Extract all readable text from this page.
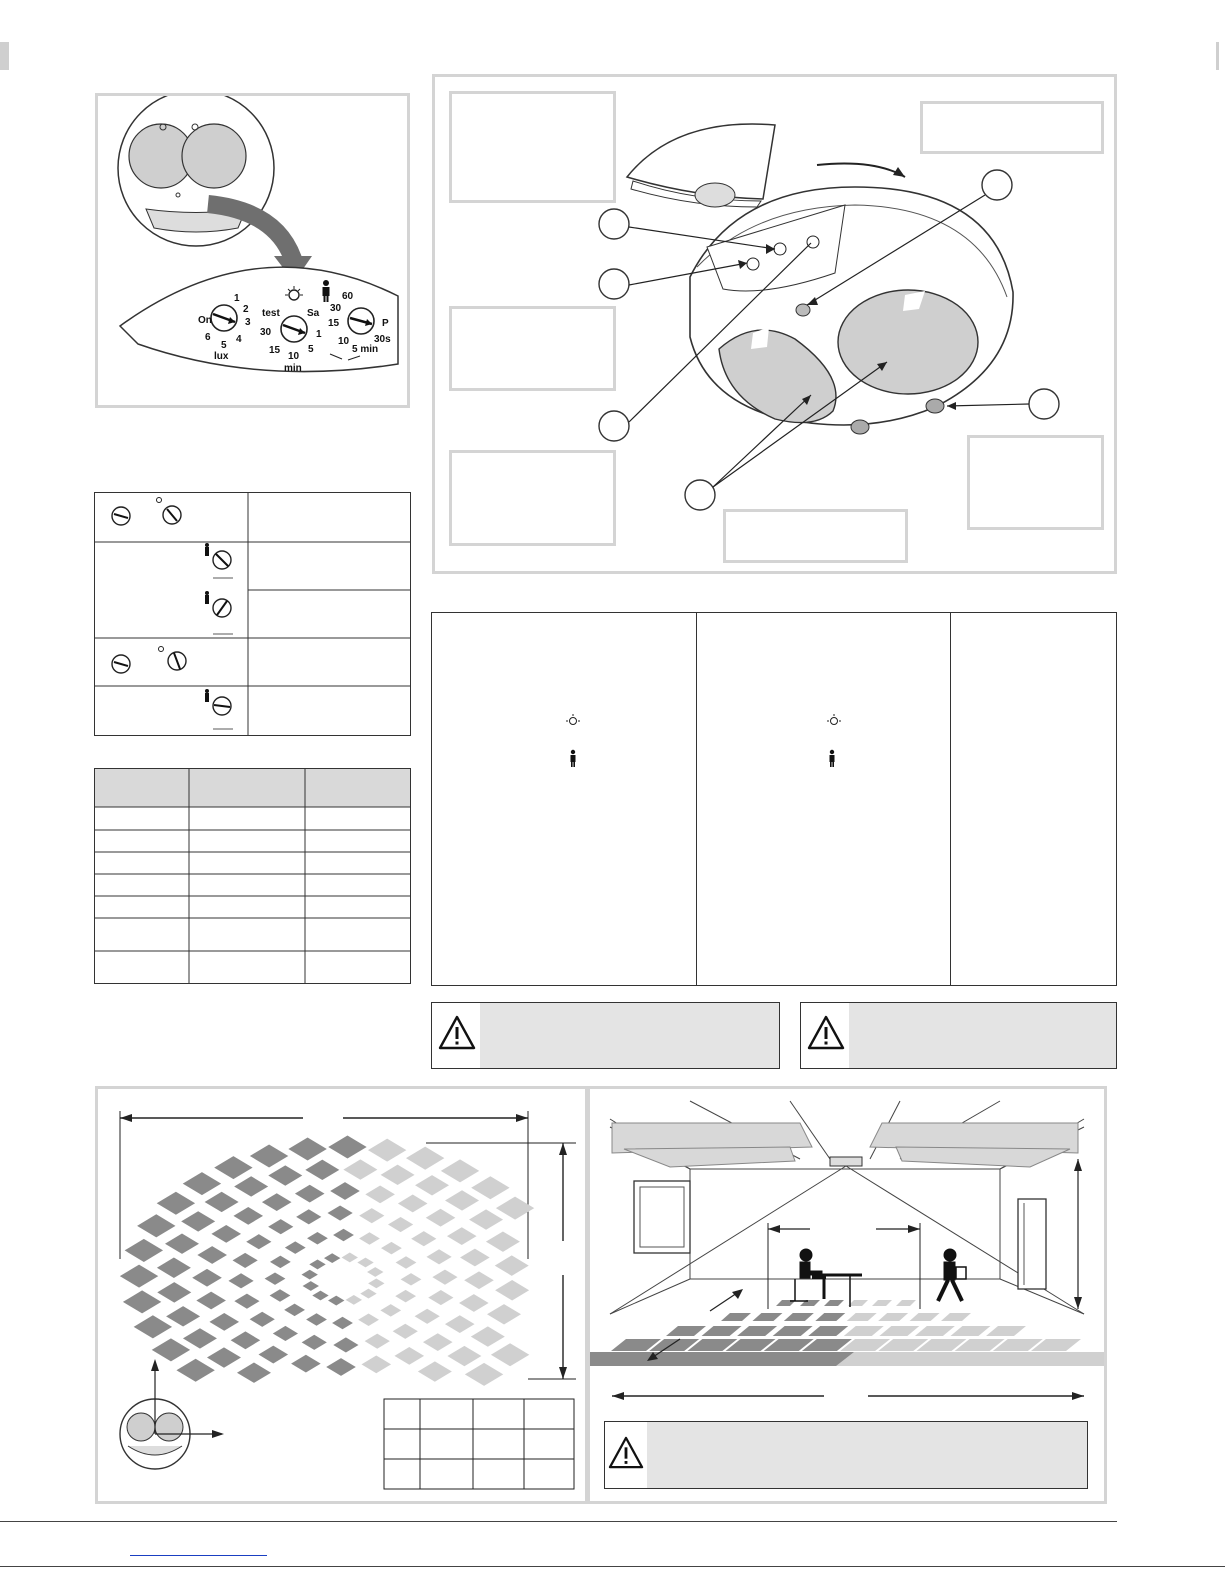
On
1
2
3
4
5
6
lux
test	Sa
1
5
10
15
30
min
60
30
15
10
5 min
30s
P
